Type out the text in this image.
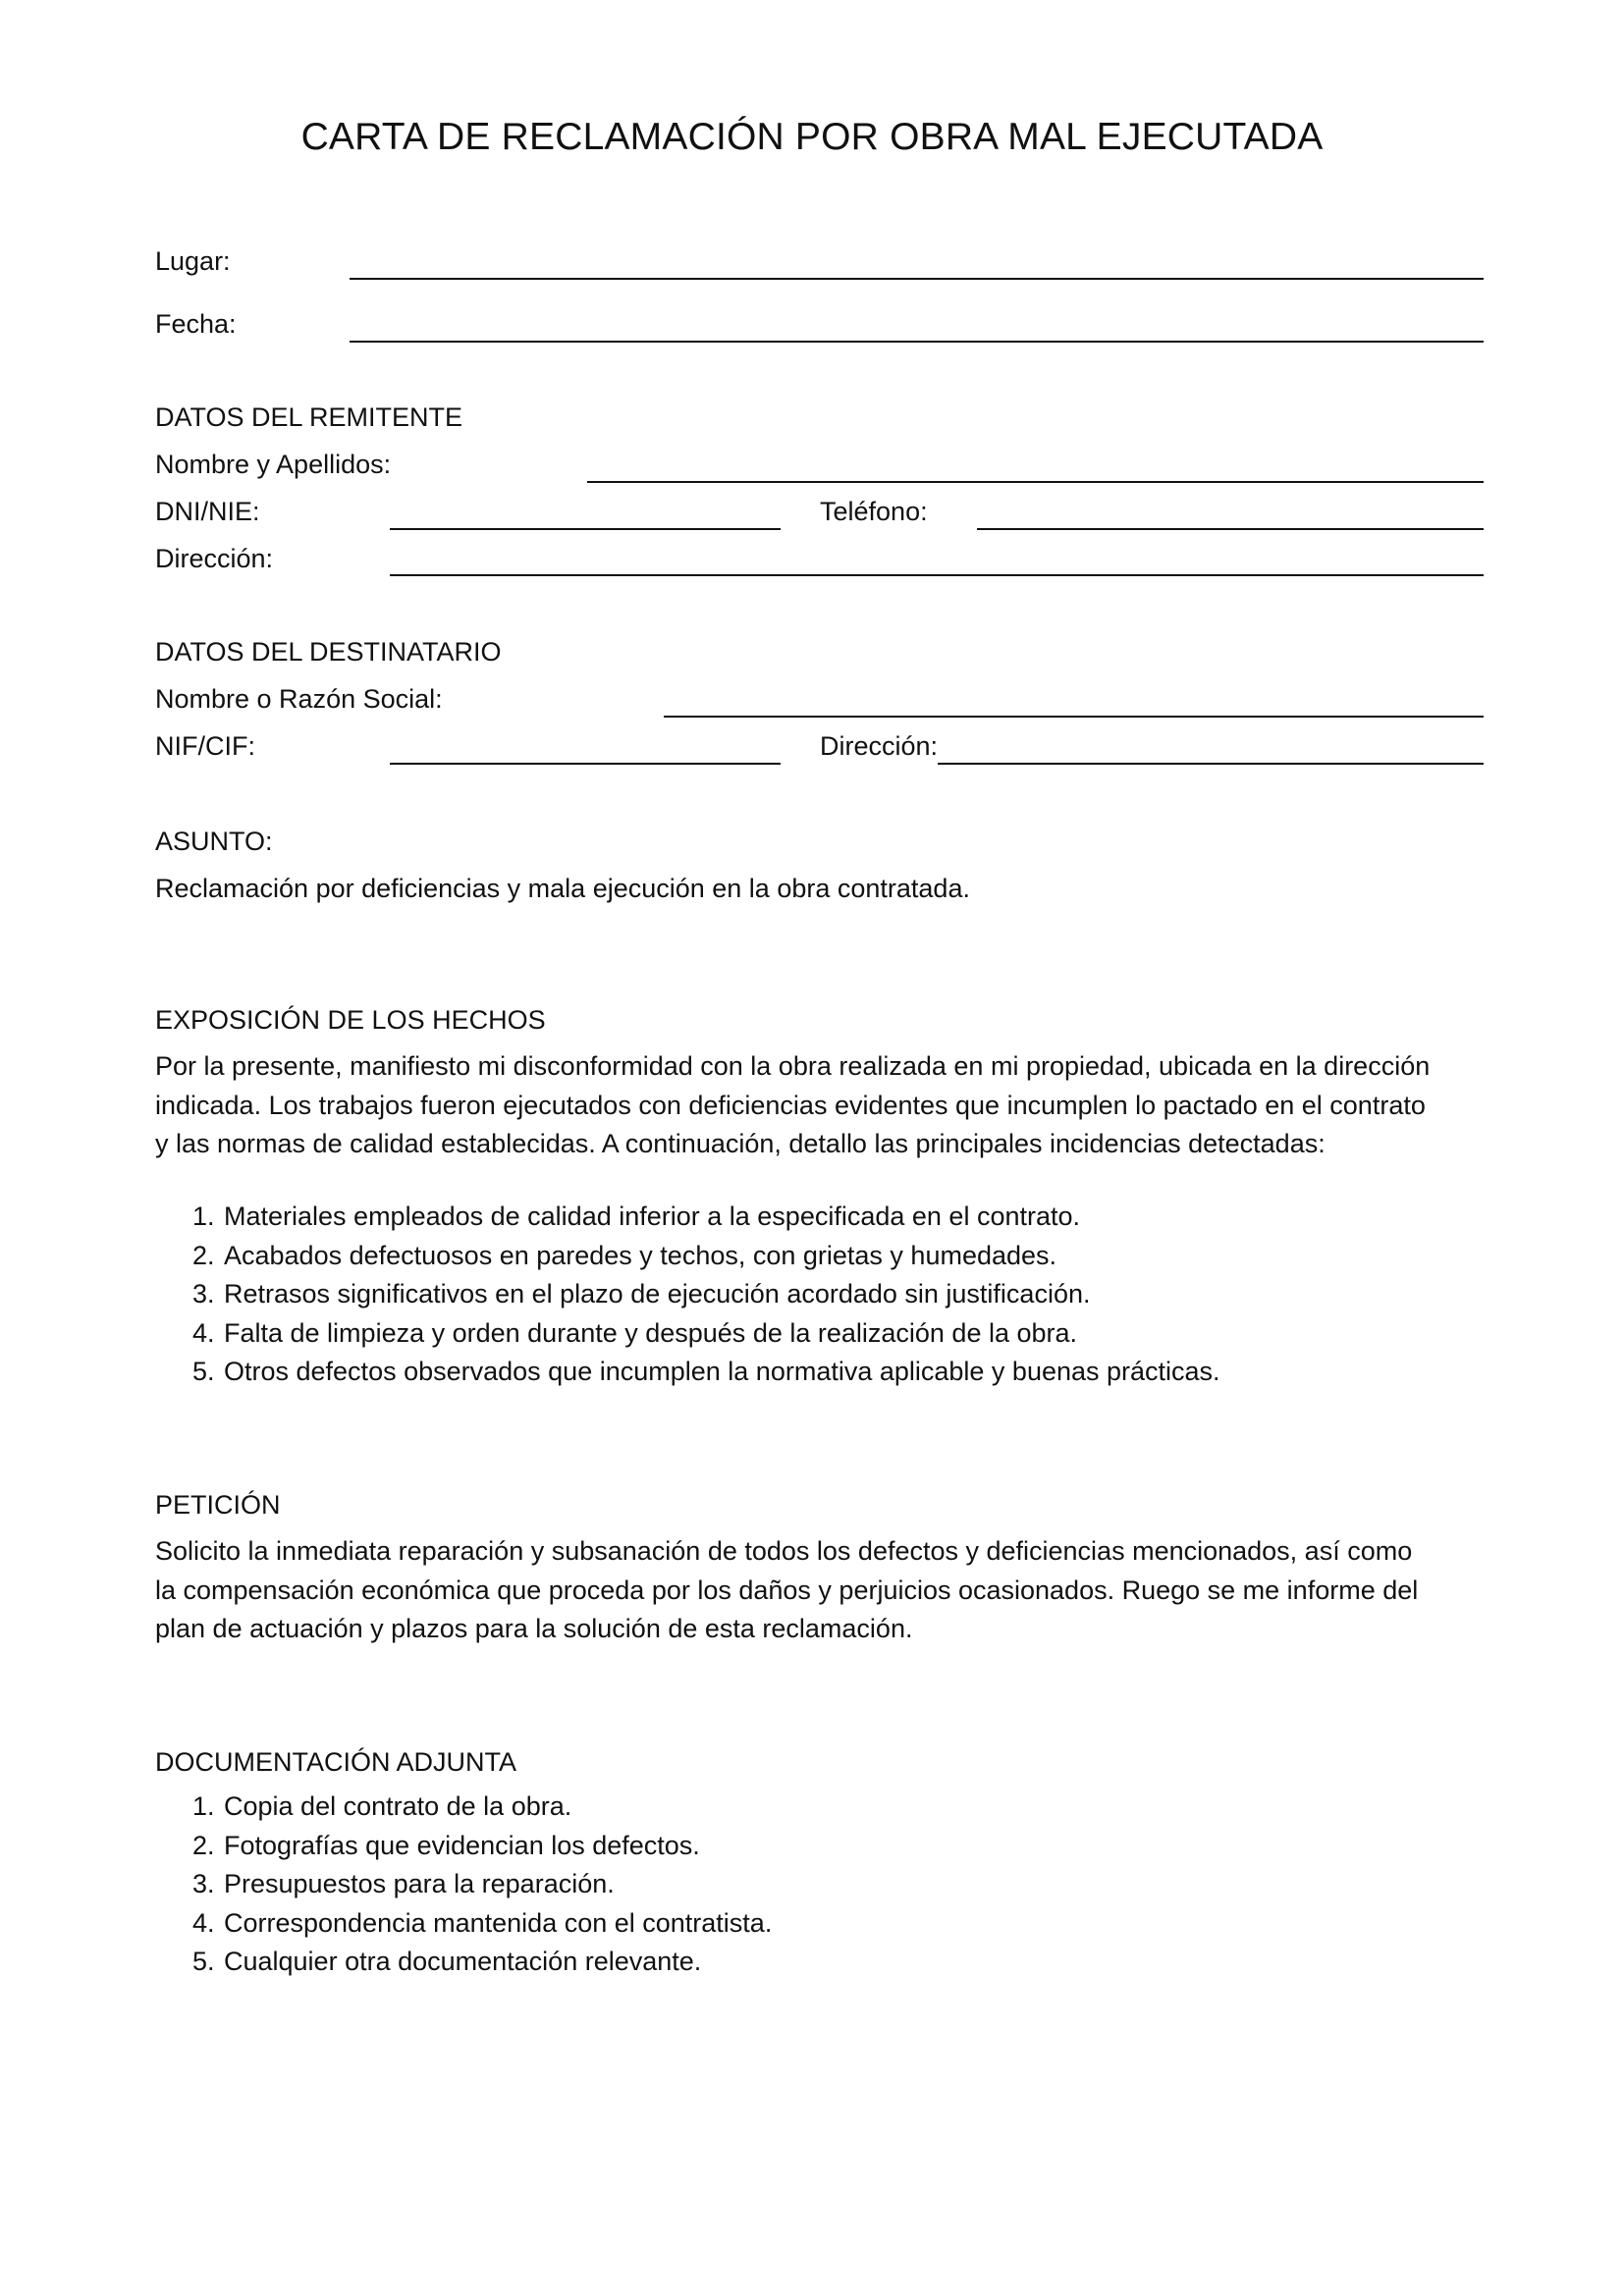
CARTA DE RECLAMACIÓN POR OBRA MAL EJECUTADA
Lugar:
Fecha:
DATOS DEL REMITENTE
Nombre y Apellidos:
DNI/NIE:	Teléfono:
Dirección:
DATOS DEL DESTINATARIO
Nombre o Razón Social:
NIF/CIF:	Dirección:
ASUNTO:
Reclamación por deficiencias y mala ejecución en la obra contratada.
EXPOSICIÓN DE LOS HECHOS
Por la presente, manifiesto mi disconformidad con la obra realizada en mi propiedad, ubicada en la dirección
indicada. Los trabajos fueron ejecutados con deficiencias evidentes que incumplen lo pactado en el contrato
y las normas de calidad establecidas. A continuación, detallo las principales incidencias detectadas:
1. Materiales empleados de calidad inferior a la especificada en el contrato.
2. Acabados defectuosos en paredes y techos, con grietas y humedades.
3. Retrasos significativos en el plazo de ejecución acordado sin justificación.
4. Falta de limpieza y orden durante y después de la realización de la obra.
5. Otros defectos observados que incumplen la normativa aplicable y buenas prácticas.
PETICIÓN
Solicito la inmediata reparación y subsanación de todos los defectos y deficiencias mencionados, así como
la compensación económica que proceda por los daños y perjuicios ocasionados. Ruego se me informe del
plan de actuación y plazos para la solución de esta reclamación.
DOCUMENTACIÓN ADJUNTA
1. Copia del contrato de la obra.
2. Fotografías que evidencian los defectos.
3. Presupuestos para la reparación.
4. Correspondencia mantenida con el contratista.
5. Cualquier otra documentación relevante.
